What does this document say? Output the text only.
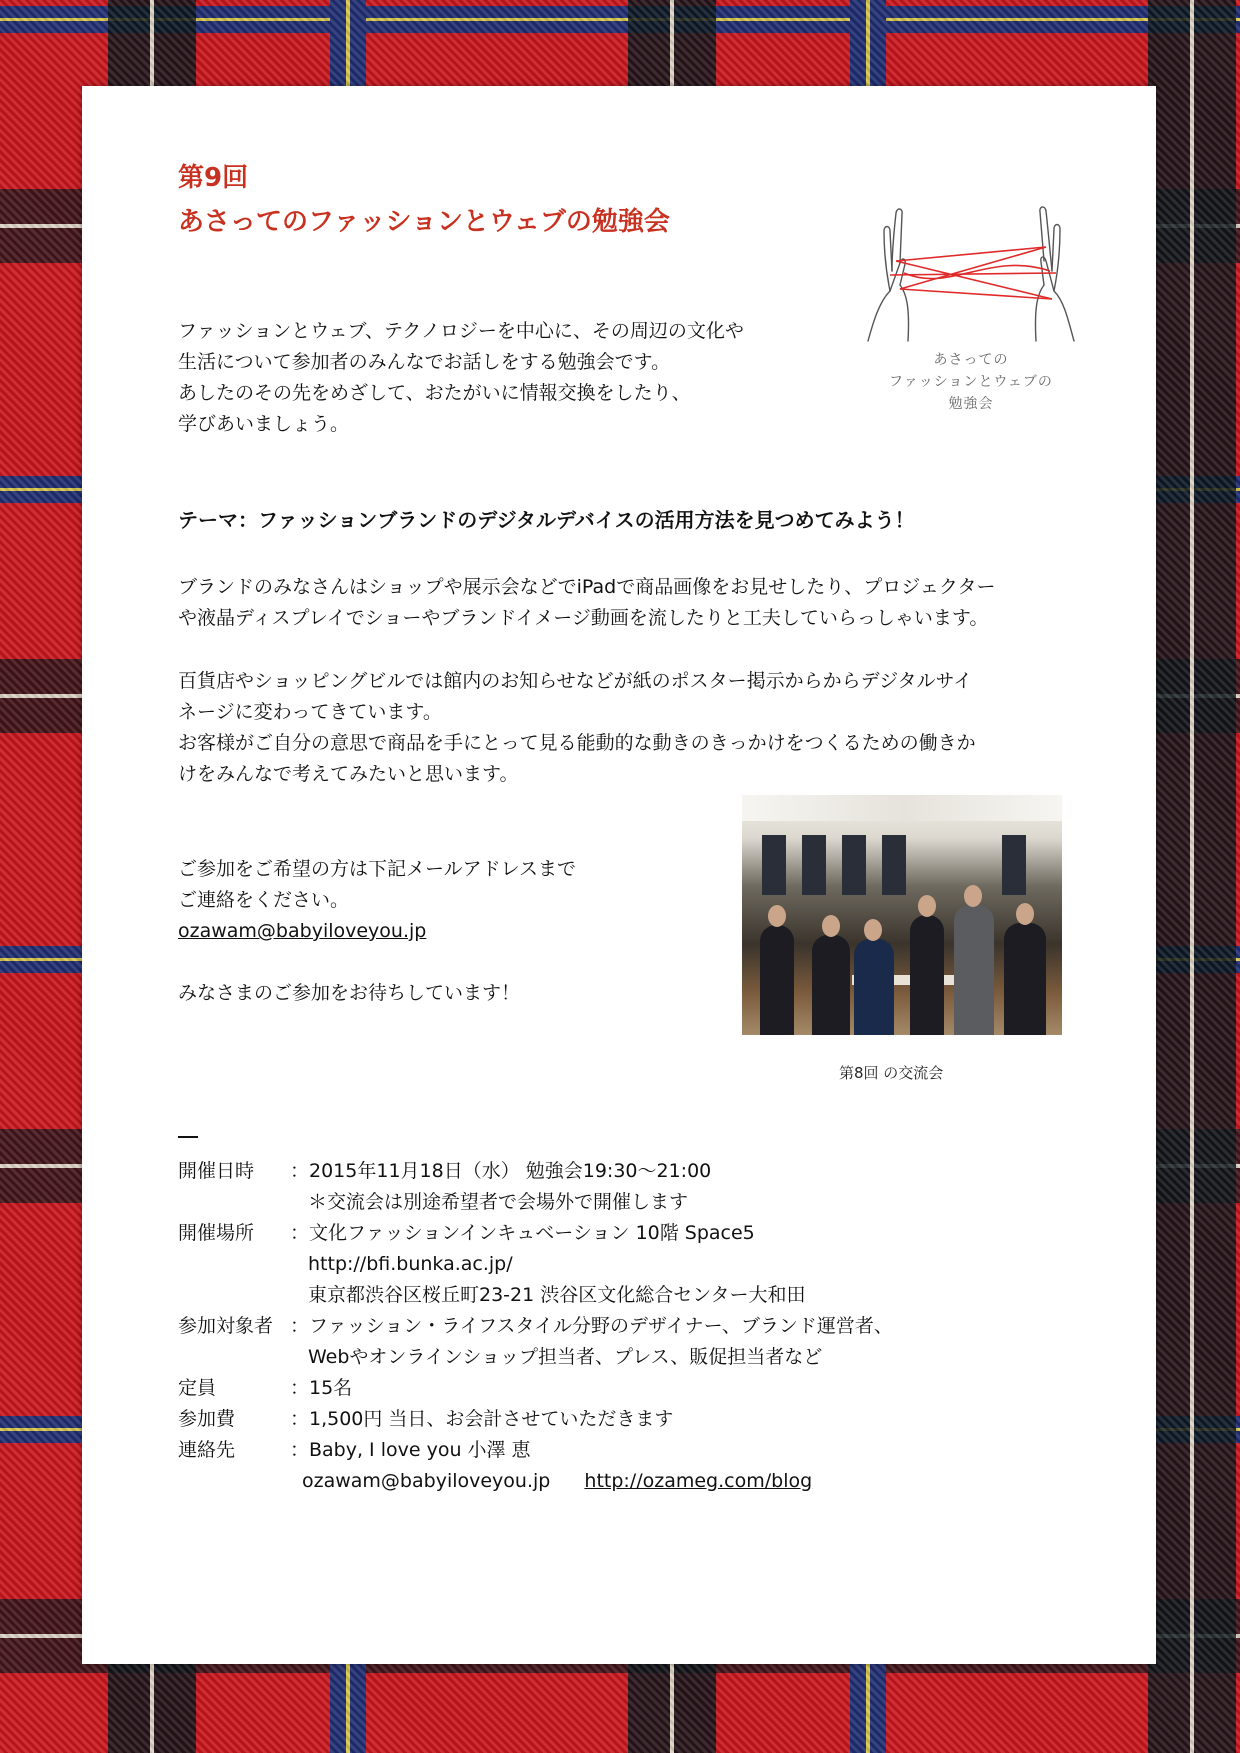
第9回
あさってのファッションとウェブの勉強会
あさっての
ファッションとウェブの
勉強会
ファッションとウェブ、テクノロジーを中心に、その周辺の文化や
生活について参加者のみんなでお話しをする勉強会です。
あしたのその先をめざして、おたがいに情報交換をしたり、
学びあいましょう。
テーマ：ファッションブランドのデジタルデバイスの活用方法を見つめてみよう！
ブランドのみなさんはショップや展示会などでiPadで商品画像をお見せしたり、プロジェクター
や液晶ディスプレイでショーやブランドイメージ動画を流したりと工夫していらっしゃいます。
百貨店やショッピングビルでは館内のお知らせなどが紙のポスター掲示からからデジタルサイ
ネージに変わってきています。
お客様がご自分の意思で商品を手にとって見る能動的な動きのきっかけをつくるための働きか
けをみんなで考えてみたいと思います。
ご参加をご希望の方は下記メールアドレスまで
ご連絡をください。
ozawam@babyiloveyou.jp
みなさまのご参加をお待ちしています！
第8回 の交流会
開催日時	：2015年11月18日（水） 勉強会19:30〜21:00
＊交流会は別途希望者で会場外で開催します
開催場所	：文化ファッションインキュベーション 10階 Space5
http://bfi.bunka.ac.jp/
東京都渋谷区桜丘町23-21 渋谷区文化総合センター大和田
参加対象者 ：ファッション・ライフスタイル分野のデザイナー、ブランド運営者、
Webやオンラインショップ担当者、プレス、販促担当者など
定員	：15名
参加費	：1,500円 当日、お会計させていただきます
連絡先	：Baby, I love you 小澤 恵
ozawam@babyiloveyou.jp http://ozameg.com/blog
